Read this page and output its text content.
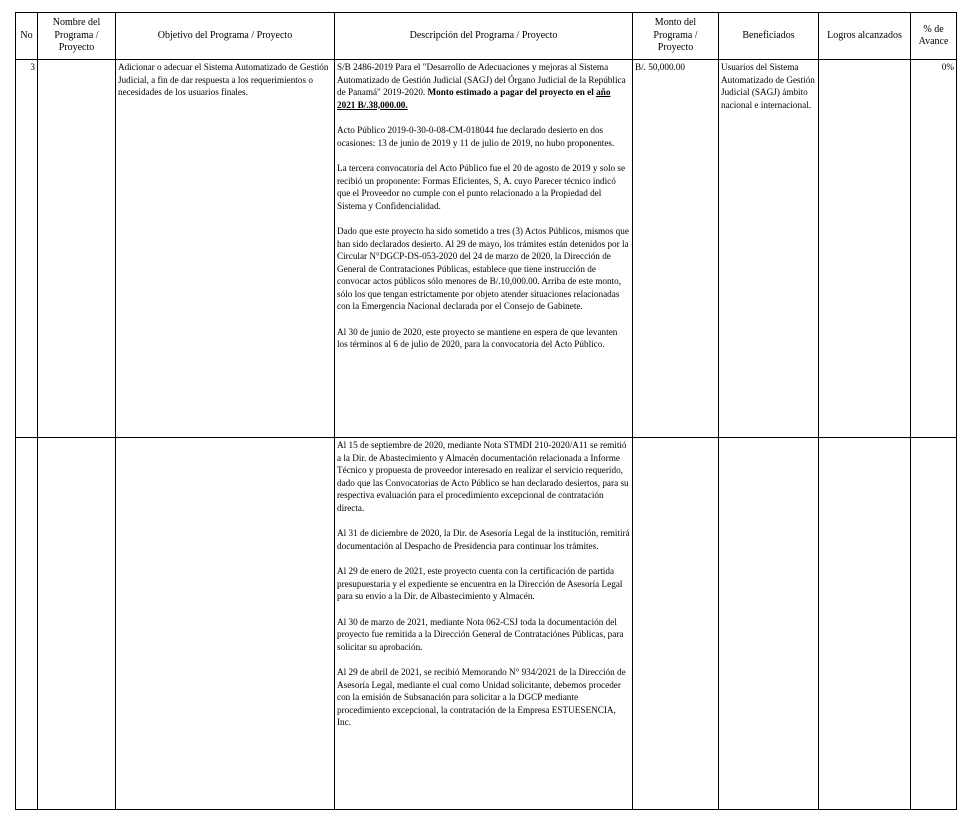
No	Nombre del Programa / Proyecto	Objetivo del Programa / Proyecto	Descripción del Programa / Proyecto	Monto del Programa / Proyecto	Beneficiados	Logros alcanzados	% de Avance
3		Adicionar o adecuar el Sistema Automatizado de Gestión Judicial, a fin de dar respuesta a los requerimientos o necesidades de los usuarios finales.	S/B 2486-2019 Para el "Desarrollo de Adecuaciones y mejoras al Sistema Automatizado de Gestión Judicial (SAGJ) del Órgano Judicial de la República de Panamá" 2019-2020. Monto estimado a pagar del proyecto en el año 2021 B/.38,000.00.

Acto Público 2019-0-30-0-08-CM-018044 fue declarado desierto en dos ocasiones: 13 de junio de 2019 y 11 de julio de 2019, no hubo proponentes.

La tercera convocatoria del Acto Público fue el 20 de agosto de 2019 y solo se recibió un proponente: Formas Eficientes, S, A. cuyo Parecer técnico indicó que el Proveedor no cumple con el punto relacionado a la Propiedad del Sistema y Confidencialidad.

Dado que este proyecto ha sido sometido a tres (3) Actos Públicos, mismos que han sido declarados desierto. Al 29 de mayo, los trámites están detenidos por la Circular N°DGCP-DS-053-2020 del 24 de marzo de 2020, la Dirección de General de Contrataciones Públicas, establece que tiene instrucción de convocar actos públicos sólo menores de B/.10,000.00. Arriba de este monto, sólo los que tengan estrictamente por objeto atender situaciones relacionadas con la Emergencia Nacional declarada por el Consejo de Gabinete.

Al 30 de junio de 2020, este proyecto se mantiene en espera de que levanten los términos al 6 de julio de 2020, para la convocatoria del Acto Público.	B/. 50,000.00	Usuarios del Sistema Automatizado de Gestión Judicial (SAGJ) ámbito nacional e internacional.		0%

			Al 15 de septiembre de 2020, mediante Nota STMDI 210-2020/A11 se remitió a la Dir. de Abastecimiento y Almacén documentación relacionada a Informe Técnico y propuesta de proveedor interesado en realizar el servicio requerido, dado que las Convocatorias de Acto Público se han declarado desiertos, para su respectiva evaluación para el procedimiento excepcional de contratación directa.

Al 31 de diciembre de 2020, la Dir. de Asesoría Legal de la institución, remitirá documentación al Despacho de Presidencia para continuar los trámites.

Al 29 de enero de 2021, este proyecto cuenta con la certificación de partida presupuestaria y el expediente se encuentra en la Dirección de Asesoría Legal para su envío a la Dir. de Albastecimiento y Almacén.

Al 30 de marzo de 2021, mediante Nota 062-CSJ toda la documentación del proyecto fue remitida a la Dirección General de Contrataciónes Públicas, para solicitar su aprobación.

Al 29 de abril de 2021, se recibió Memorando N° 934/2021 de la Dirección de Asesoría Legal, mediante el cual como Unidad solicitante, debemos proceder con la emisión de Subsanación para solicitar a la DGCP mediante procedimiento excepcional, la contratación de la Empresa ESTUESENCIA, Inc.				
